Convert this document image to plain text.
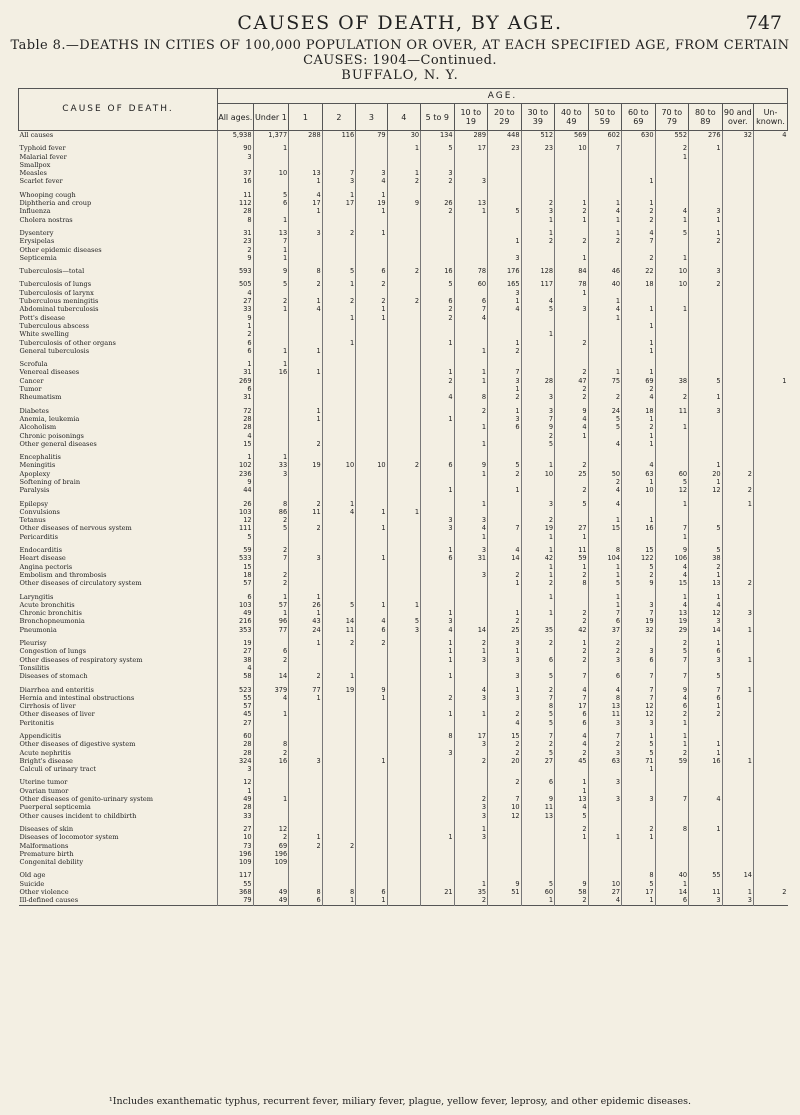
CAUSES OF DEATH, BY AGE.	747
Table 8.—DEATHS IN CITIES OF 100,000 POPULATION OR OVER, AT EACH SPECIFIED AGE, FROM CERTAIN
CAUSES: 1904—Continued.
BUFFALO, N. Y.
CAUSE OF DEATH.	AGE.																
	All ages.	Under 1	1	2	3	4	5 to 9	10 to 19	20 to 29	30 to 39	40 to 49	50 to 59	60 to 69	70 to 79	80 to 89	90 and over.	Un-known.
All causes	5,938	1,377	288	116	79	30	134	289	448	512	569	602	630	552	276	32	4

Typhoid fever	90	1				1	5	17	23	23	10	7		2	1		
Malarial fever	3													1			
Smallpox																	
Measles	37	10	13	7	3	1	3										
Scarlet fever	16		1	3	4	2	2	3					1				

Whooping cough	11	5	4	1	1												
Diphtheria and croup	112	6	17	17	19	9	26	13		2	1	1	1				
Influenza	28		1		1		2	1	5	3	2	4	2	4	3		
Cholera nostras	8	1								1	1	1	2	1	1		

Dysentery	31	13	3	2	1					1		1	4	5	1		
Erysipelas	23	7							1	2	2	2	7		2		
Other epidemic diseases	2	1															
Septicemia	9	1							3		1		2	1			

Tuberculosis—total	593	9	8	5	6	2	16	78	176	128	84	46	22	10	3		

Tuberculosis of lungs	505	5	2	1	2		5	60	165	117	78	40	18	10	2		
Tuberculosis of larynx	4								3		1						
Tuberculous meningitis	27	2	1	2	2	2	6	6	1	4		1					
Abdominal tuberculosis	33	1	4		1		2	7	4	5	3	4	1	1			
Pott's disease	9			1	1		2	4				1					
Tuberculous abscess	1												1				
White swelling	2									1							
Tuberculosis of other organs	6			1			1		1		2		1				
General tuberculosis	6	1	1					1	2				1				

Scrofula	1	1															
Venereal diseases	31	16	1				1	1	7		2	1	1				
Cancer	269						2	1	3	28	47	75	69	38	5		1
Tumor	6								1		2		2				
Rheumatism	31						4	8	2	3	2	2	4	2	1		

Diabetes	72		1					2	1	3	9	24	18	11	3		
Anemia, leukemia	28		1				1		3	7	4	5	1				
Alcoholism	28							1	6	9	4	5	2	1			
Chronic poisonings	4									2	1		1				
Other general diseases	15		2					1		5		4	1				

Encephalitis	1	1															
Meningitis	102	33	19	10	10	2	6	9	5	1	2		4		1		
Apoplexy	236	3						1	2	10	25	50	63	60	20	2	
Softening of brain	9											2	1	5	1		
Paralysis	44						1		1		2	4	10	12	12	2	

Epilepsy	26	8	2	1				1		3	5	4		1		1	
Convulsions	103	86	11	4	1	1											
Tetanus	12	2					3	3		2		1	1				
Other diseases of nervous system	111	5	2		1		3	4	7	19	27	15	16	7	5		
Pericarditis	5							1		1	1			1			

Endocarditis	59	2					1	3	4	1	11	8	15	9	5		
Heart disease	533	7	3		1		6	31	14	42	59	104	122	106	38		
Angina pectoris	15									1	1	1	5	4	2		
Embolism and thrombosis	18	2						3	2	1	2	1	2	4	1		
Other diseases of circulatory system	57	2							1	2	8	5	9	15	13	2	

Laryngitis	6	1	1							1		1		1	1		
Acute bronchitis	103	57	26	5	1	1						1	3	4	4		
Chronic bronchitis	49	1	1				1		1	1	2	7	7	13	12	3	
Bronchopneumonia	216	96	43	14	4	5	3		2		2	6	19	19	3		
Pneumonia	353	77	24	11	6	3	4	14	25	35	42	37	32	29	14	1	

Pleurisy	19		1	2	2		1	2	3	2	1	2		2	1		
Congestion of lungs	27	6					1	1	1		2	2	3	5	6		
Other diseases of respiratory system	38	2					1	3	3	6	2	3	6	7	3	1	
Tonsilitis	4																
Diseases of stomach	58	14	2	1			1		3	5	7	6	7	7	5		

Diarrhea and enteritis	523	379	77	19	9			4	1	2	4	4	7	9	7	1	
Hernia and intestinal obstructions	55	4	1		1		2	3	3	7	7	8	7	4	6		
Cirrhosis of liver	57									8	17	13	12	6	1		
Other diseases of liver	45	1					1	1	2	5	6	11	12	2	2		
Peritonitis	27								4	5	6	3	3	1			

Appendicitis	60						8	17	15	7	4	7	1	1			
Other diseases of digestive system	28	8						3	2	2	4	2	5	1	1		
Acute nephritis	28	2					3		2	5	2	3	5	2	1		
Bright's disease	324	16	3		1			2	20	27	45	63	71	59	16	1	
Calculi of urinary tract	3												1				

Uterine tumor	12								2	6	1	3					
Ovarian tumor	1										1						
Other diseases of genito-urinary system	49	1						2	7	9	13	3	3	7	4		
Puerperal septicemia	28							3	10	11	4						
Other causes incident to childbirth	33							3	12	13	5						

Diseases of skin	27	12						1			2		2	8	1		
Diseases of locomotor system	10	2	1				1	3			1	1	1				
Malformations	73	69	2	2													
Premature birth	196	196															
Congenital debility	109	109															

Old age	117												8	40	55	14	
Suicide	55							1	9	5	9	10	5	1			
Other violence	368	49	8	8	6		21	35	51	60	58	27	17	14	11	1	2
Ill-defined causes	79	49	6	1	1			2		1	2	4	1	6	3	3	
¹Includes exanthematic typhus, recurrent fever, miliary fever, plague, yellow fever, leprosy, and other epidemic diseases.
